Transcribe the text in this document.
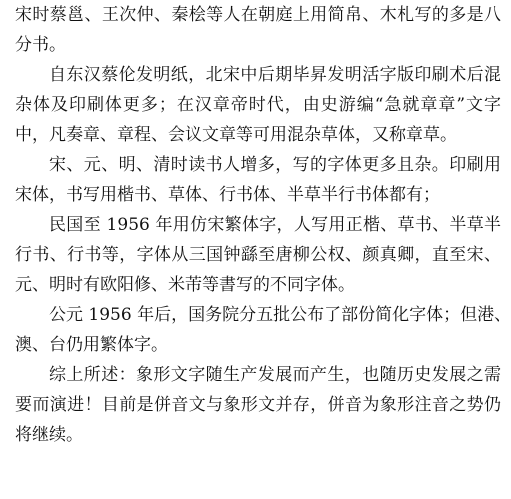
宋时蔡邕、王次仲、秦桧等人在朝庭上用简帛、木札写的多是八
分书。
自东汉蔡伦发明纸，北宋中后期毕昇发明活字版印刷术后混
杂体及印刷体更多；在汉章帝时代，由史游编“急就章章”文字
中，凡奏章、章程、会议文章等可用混杂草体，又称章草。
宋、元、明、清时读书人增多，写的字体更多且杂。印刷用
宋体，书写用楷书、草体、行书体、半草半行书体都有；
民国至 1956 年用仿宋繁体字，人写用正楷、草书、半草半
行书、行书等，字体从三国钟繇至唐柳公权、颜真卿，直至宋、
元、明时有欧阳修、米芾等書写的不同字体。
公元 1956 年后，国务院分五批公布了部份简化字体；但港、
澳、台仍用繁体字。
综上所述：象形文字随生产发展而产生，也随历史发展之需
要而演进！目前是併音文与象形文并存，併音为象形注音之势仍
将继续。
